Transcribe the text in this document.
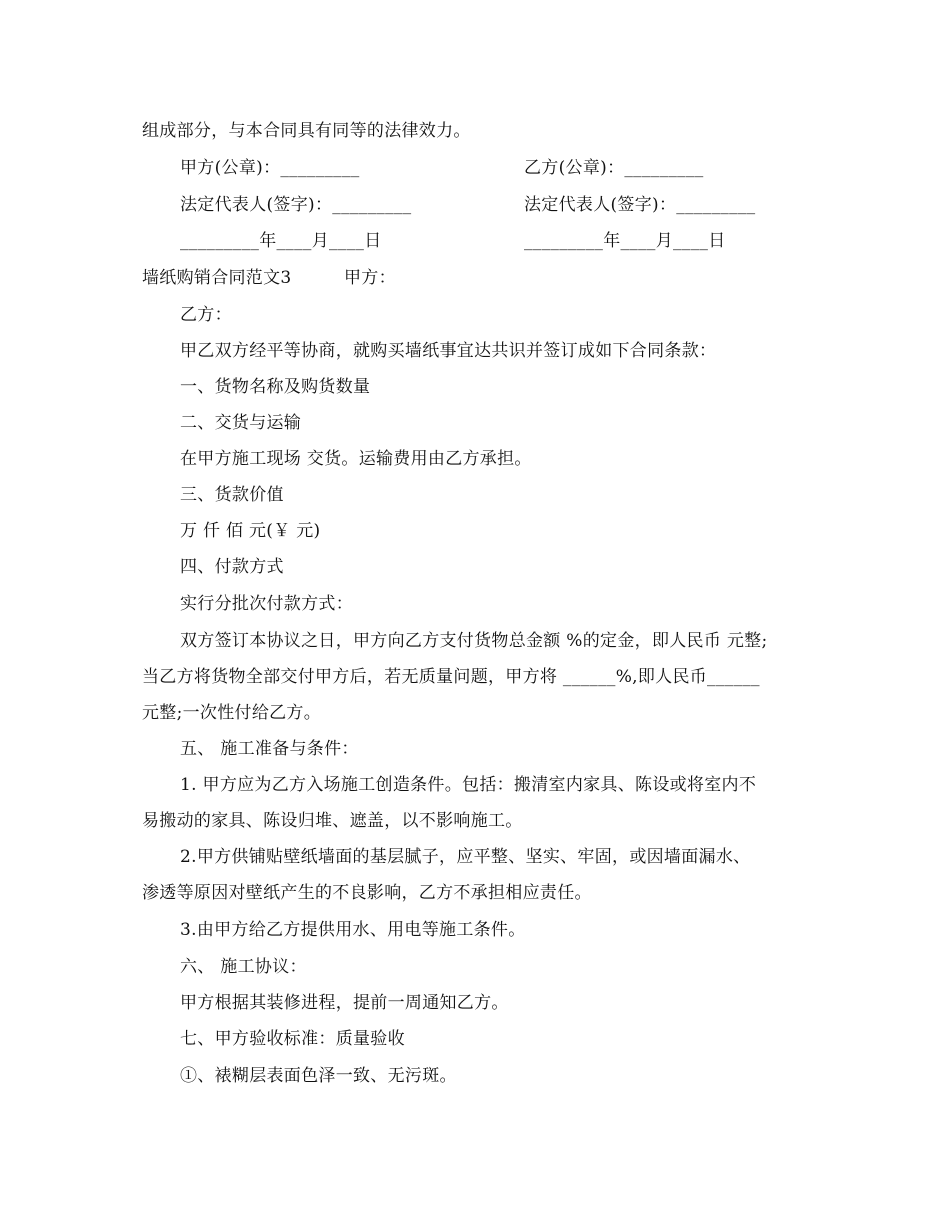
组成部分，与本合同具有同等的法律效力。
甲方(公章)：_________	乙方(公章)：_________
法定代表人(签字)：_________	法定代表人(签字)：_________
_________年____月____日	_________年____月____日
墙纸购销合同范文3	甲方：
乙方：
甲乙双方经平等协商，就购买墙纸事宜达共识并签订成如下合同条款：
一、货物名称及购货数量
二、交货与运输
在甲方施工现场 交货。运输费用由乙方承担。
三、货款价值
万 仟 佰 元(￥ 元)
四、付款方式
实行分批次付款方式：
双方签订本协议之日，甲方向乙方支付货物总金额 %的定金，即人民币 元整;
当乙方将货物全部交付甲方后，若无质量问题，甲方将 ______%,即人民币______
元整;一次性付给乙方。
五、 施工准备与条件：
1. 甲方应为乙方入场施工创造条件。包括：搬清室内家具、陈设或将室内不
易搬动的家具、陈设归堆、遮盖，以不影响施工。
2.甲方供铺贴壁纸墙面的基层腻子，应平整、坚实、牢固，或因墙面漏水、
渗透等原因对壁纸产生的不良影响，乙方不承担相应责任。
3.由甲方给乙方提供用水、用电等施工条件。
六、 施工协议：
甲方根据其装修进程，提前一周通知乙方。
七、甲方验收标准：质量验收
①、裱糊层表面色泽一致、无污斑。
